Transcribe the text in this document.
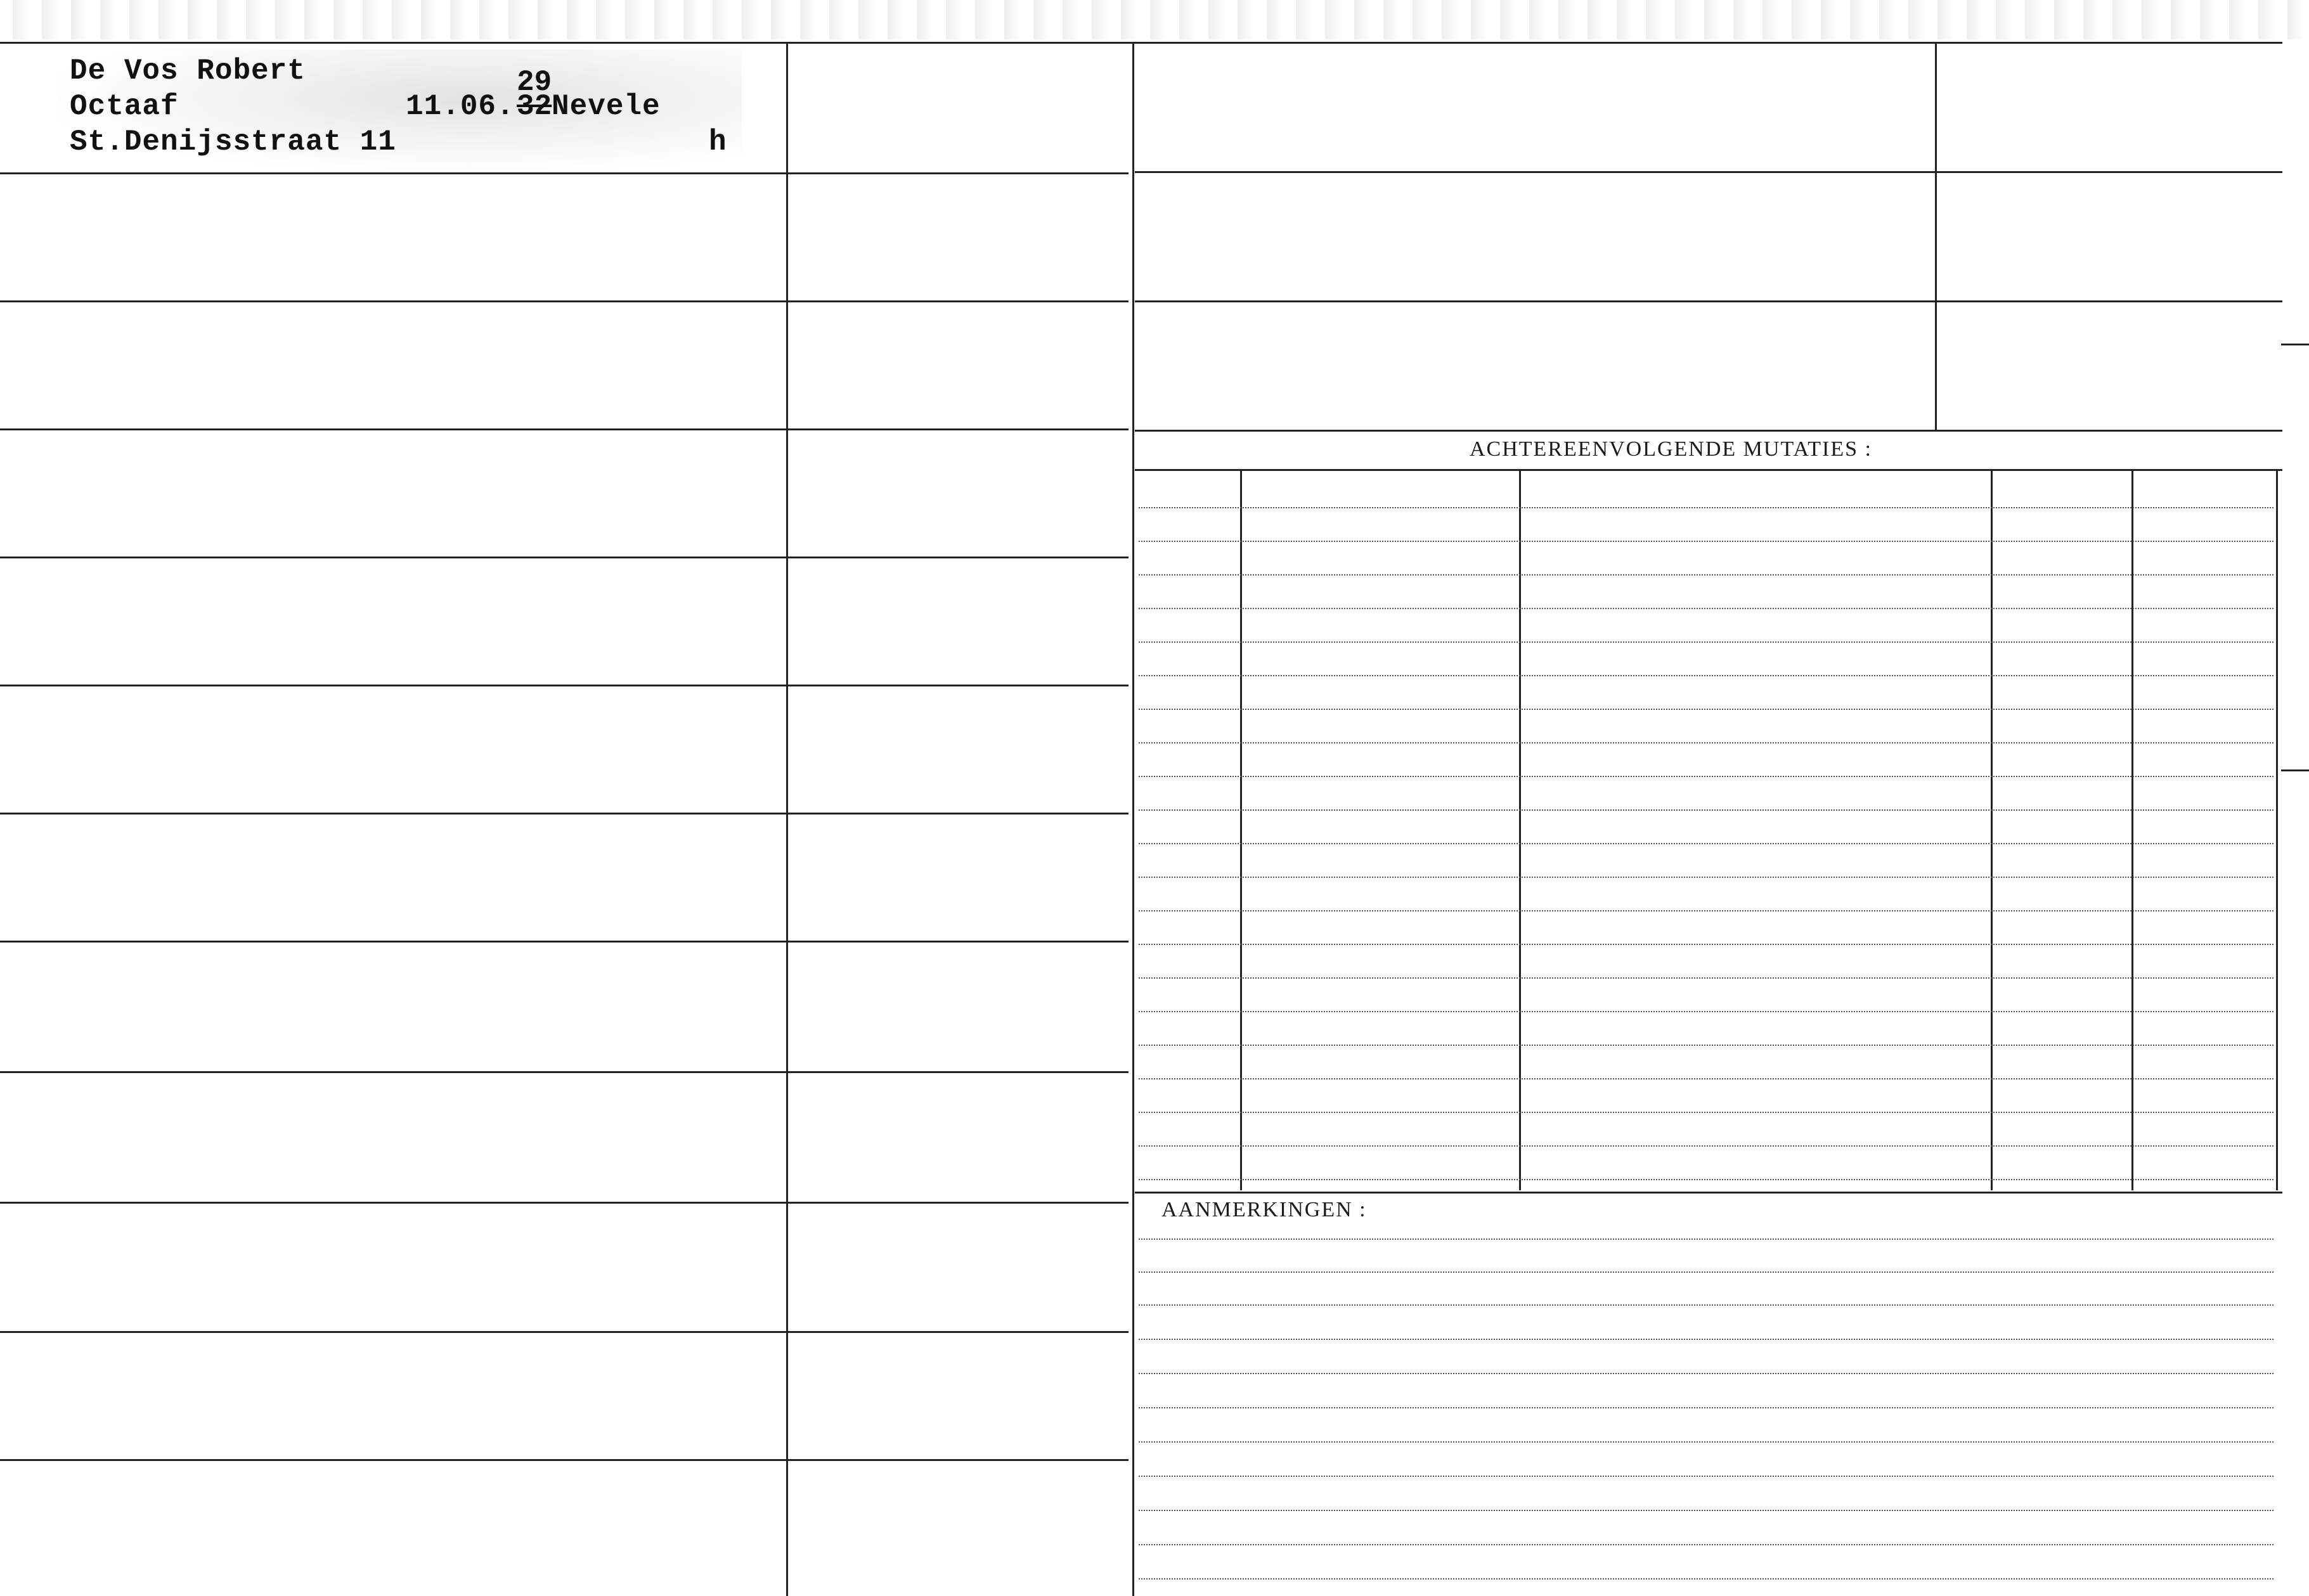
De Vos Robert
Octaaf	11.06. 32
29
Nevele
St.Denijsstraat 11	h
ACHTEREENVOLGENDE MUTATIES :
AANMERKINGEN :
